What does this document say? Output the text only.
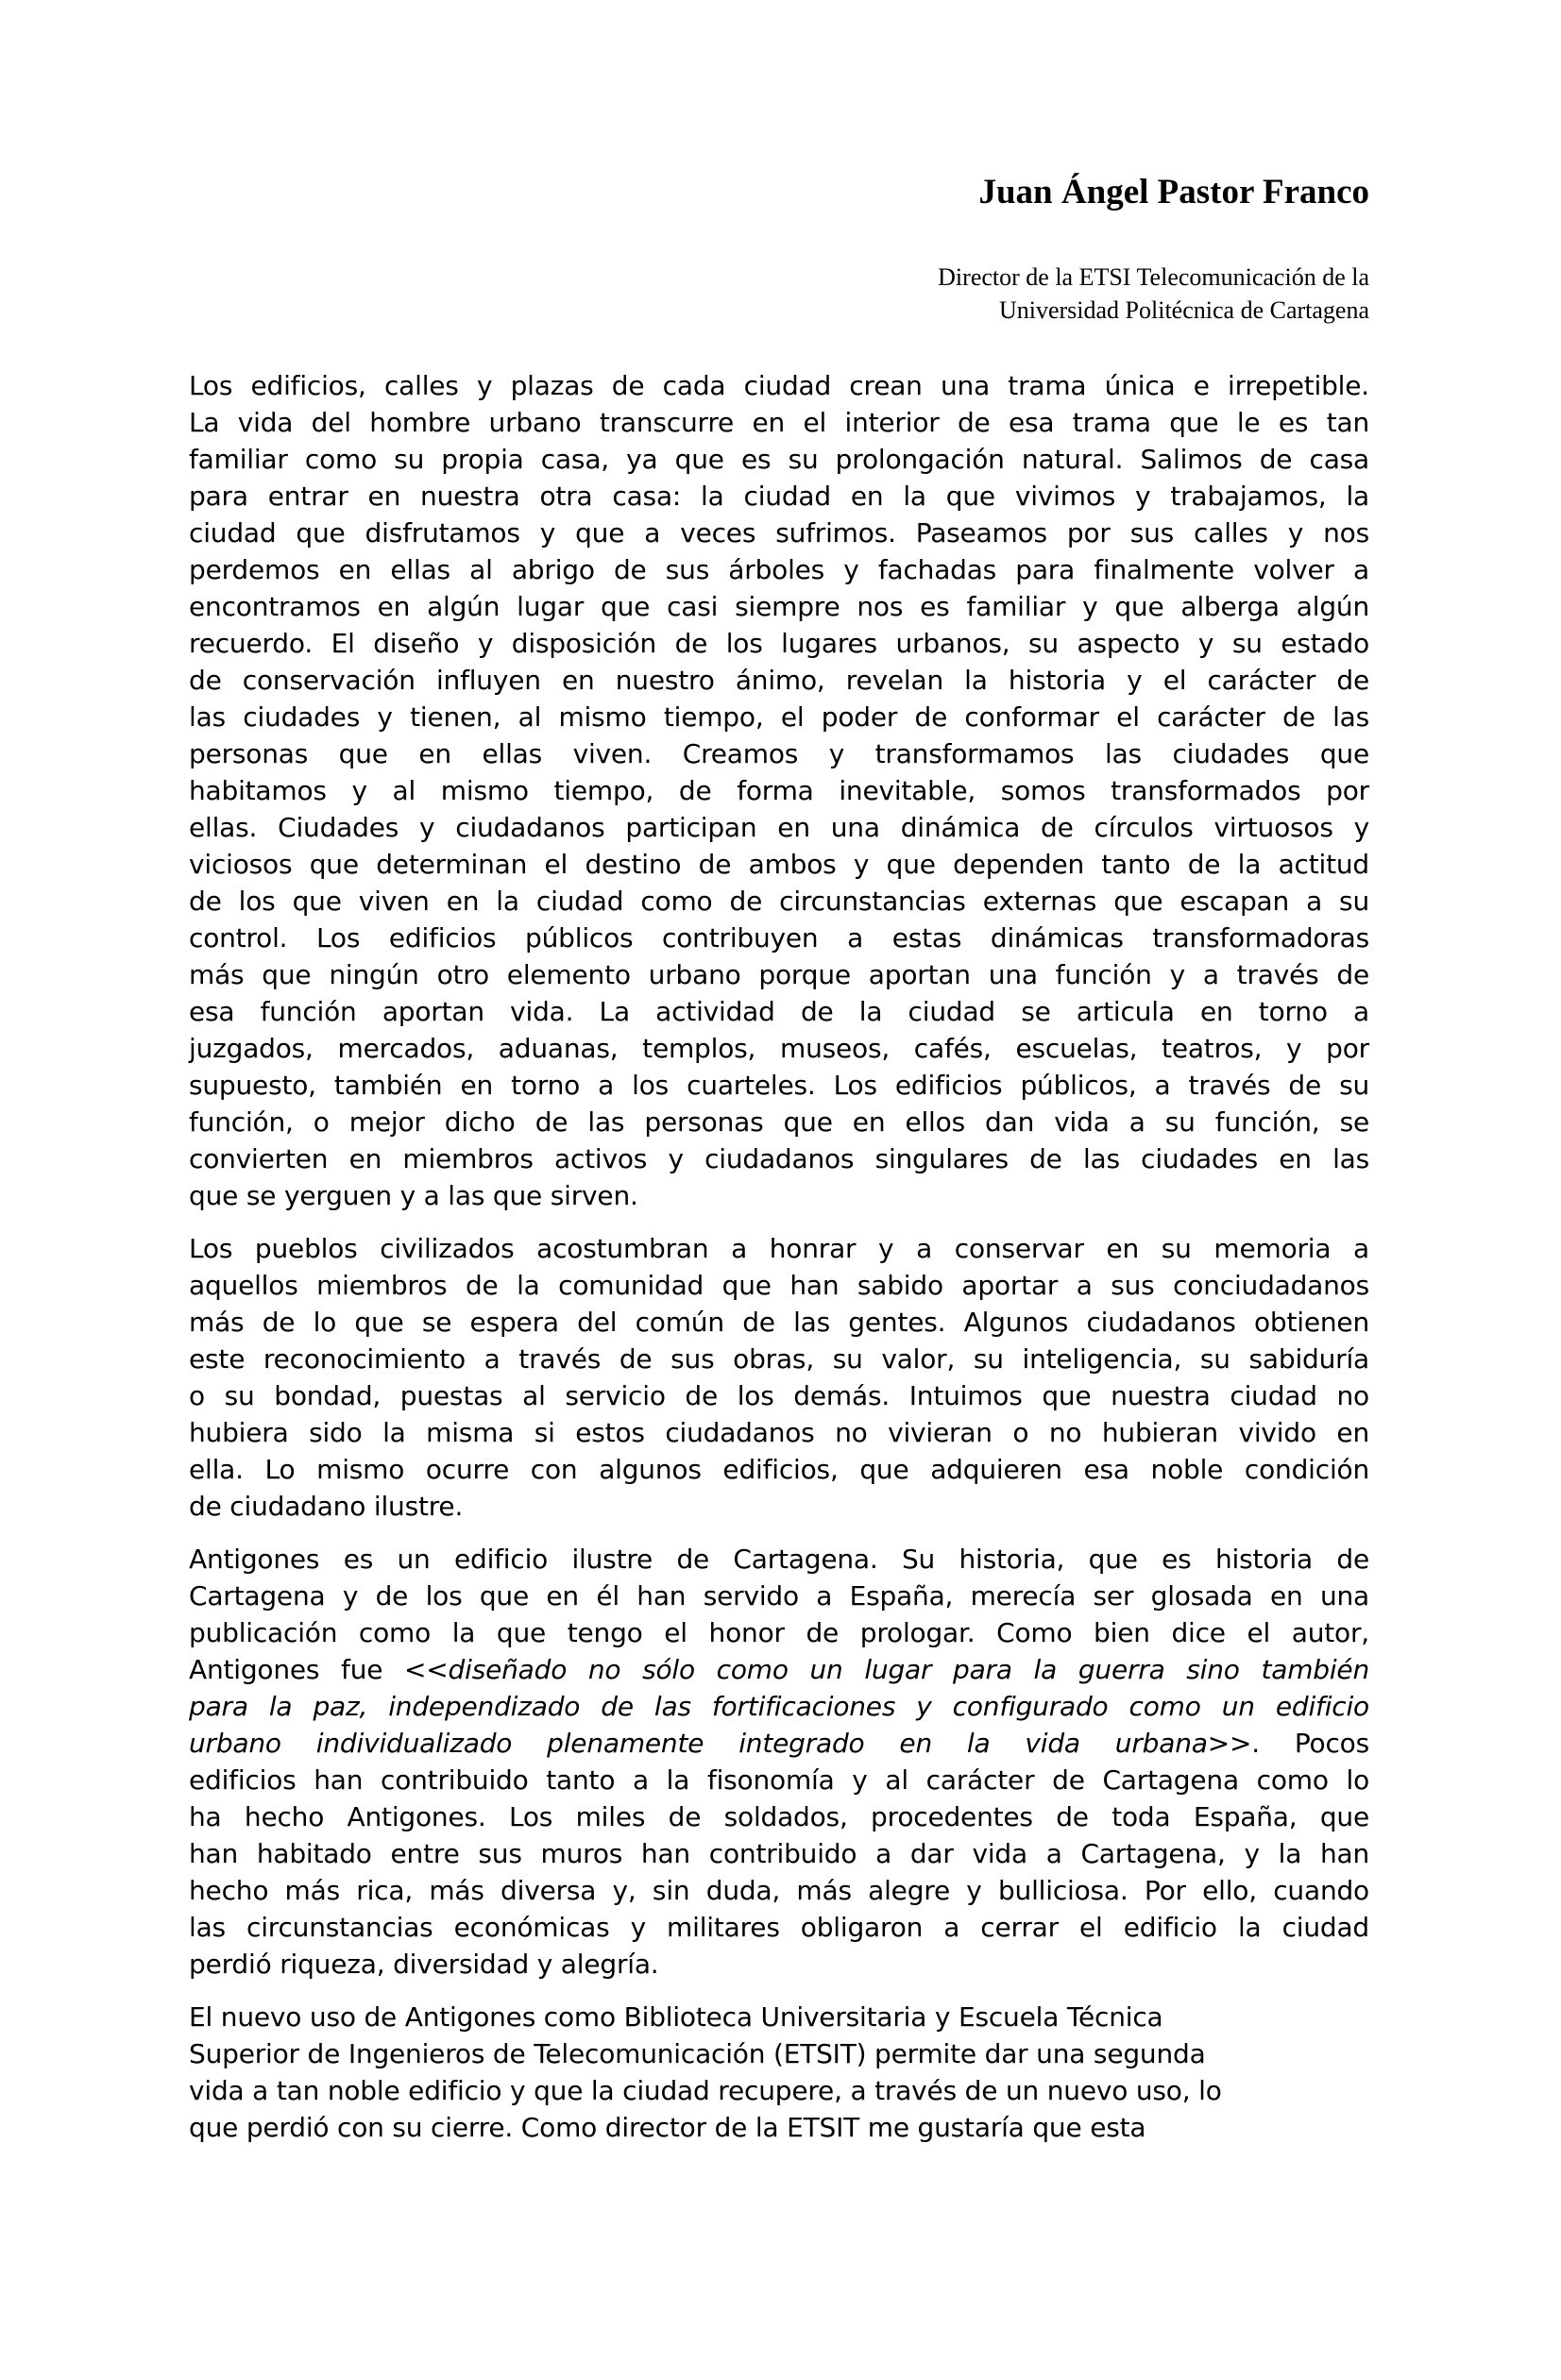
Juan Ángel Pastor Franco
Director de la ETSI Telecomunicación de la
Universidad Politécnica de Cartagena
Los edificios, calles y plazas de cada ciudad crean una trama única e irrepetible.
La vida del hombre urbano transcurre en el interior de esa trama que le es tan
familiar como su propia casa, ya que es su prolongación natural. Salimos de casa
para entrar en nuestra otra casa: la ciudad en la que vivimos y trabajamos, la
ciudad que disfrutamos y que a veces sufrimos. Paseamos por sus calles y nos
perdemos en ellas al abrigo de sus árboles y fachadas para finalmente volver a
encontramos en algún lugar que casi siempre nos es familiar y que alberga algún
recuerdo. El diseño y disposición de los lugares urbanos, su aspecto y su estado
de conservación influyen en nuestro ánimo, revelan la historia y el carácter de
las ciudades y tienen, al mismo tiempo, el poder de conformar el carácter de las
personas que en ellas viven. Creamos y transformamos las ciudades que
habitamos y al mismo tiempo, de forma inevitable, somos transformados por
ellas. Ciudades y ciudadanos participan en una dinámica de círculos virtuosos y
viciosos que determinan el destino de ambos y que dependen tanto de la actitud
de los que viven en la ciudad como de circunstancias externas que escapan a su
control. Los edificios públicos contribuyen a estas dinámicas transformadoras
más que ningún otro elemento urbano porque aportan una función y a través de
esa función aportan vida. La actividad de la ciudad se articula en torno a
juzgados, mercados, aduanas, templos, museos, cafés, escuelas, teatros, y por
supuesto, también en torno a los cuarteles. Los edificios públicos, a través de su
función, o mejor dicho de las personas que en ellos dan vida a su función, se
convierten en miembros activos y ciudadanos singulares de las ciudades en las
que se yerguen y a las que sirven.
Los pueblos civilizados acostumbran a honrar y a conservar en su memoria a
aquellos miembros de la comunidad que han sabido aportar a sus conciudadanos
más de lo que se espera del común de las gentes. Algunos ciudadanos obtienen
este reconocimiento a través de sus obras, su valor, su inteligencia, su sabiduría
o su bondad, puestas al servicio de los demás. Intuimos que nuestra ciudad no
hubiera sido la misma si estos ciudadanos no vivieran o no hubieran vivido en
ella. Lo mismo ocurre con algunos edificios, que adquieren esa noble condición
de ciudadano ilustre.
Antigones es un edificio ilustre de Cartagena. Su historia, que es historia de
Cartagena y de los que en él han servido a España, merecía ser glosada en una
publicación como la que tengo el honor de prologar. Como bien dice el autor,
Antigones fue <<diseñado no sólo como un lugar para la guerra sino también
para la paz, independizado de las fortificaciones y configurado como un edificio
urbano individualizado plenamente integrado en la vida urbana>>. Pocos
edificios han contribuido tanto a la fisonomía y al carácter de Cartagena como lo
ha hecho Antigones. Los miles de soldados, procedentes de toda España, que
han habitado entre sus muros han contribuido a dar vida a Cartagena, y la han
hecho más rica, más diversa y, sin duda, más alegre y bulliciosa. Por ello, cuando
las circunstancias económicas y militares obligaron a cerrar el edificio la ciudad
perdió riqueza, diversidad y alegría.
El nuevo uso de Antigones como Biblioteca Universitaria y Escuela Técnica
Superior de Ingenieros de Telecomunicación (ETSIT) permite dar una segunda
vida a tan noble edificio y que la ciudad recupere, a través de un nuevo uso, lo
que perdió con su cierre. Como director de la ETSIT me gustaría que esta
